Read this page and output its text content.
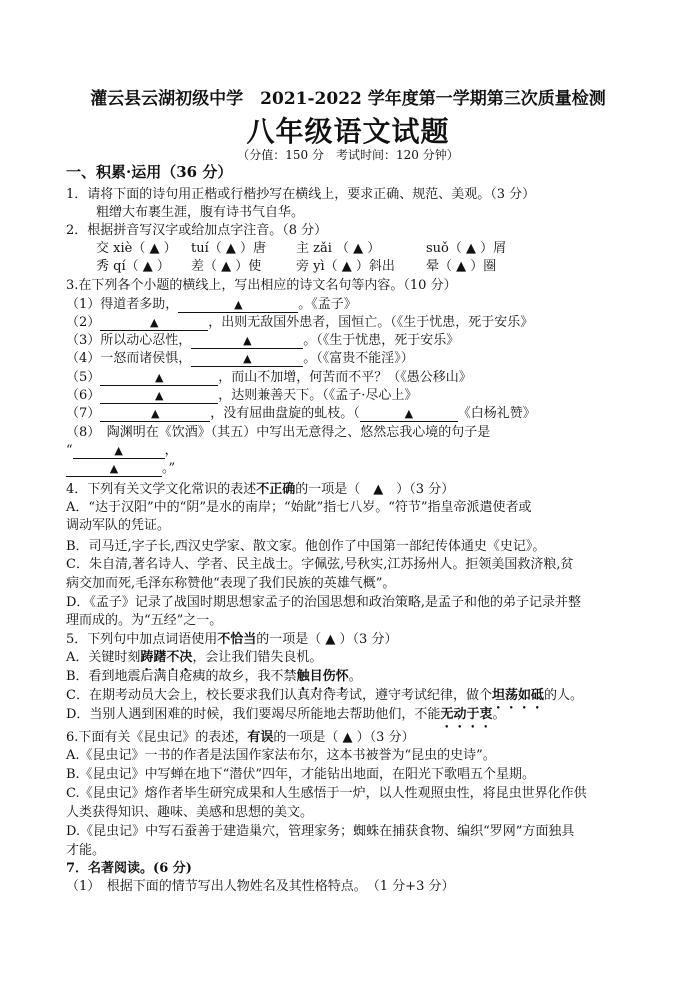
灌云县云湖初级中学　2021-2022 学年度第一学期第三次质量检测
八年级语文试题
（分值：150 分　考试时间：120 分钟）
一、积累·运用（36 分）
1．请将下面的诗句用正楷或行楷抄写在横线上，要求正确、规范、美观。（3 分）
粗缯大布裹生涯，腹有诗书气自华。
2．根据拼音写汉字或给加点字注音。（8 分）
交 xiè（ ▲ ） tuí（ ▲ ）唐 主 zǎi （ ▲ ）	suǒ（ ▲ ）屑
秀 qí（ ▲ ） 差（ ▲ ）使	旁 yì（ ▲ ）斜出 晕（ ▲ ）圈
3.在下列各个小题的横线上，写出相应的诗文名句等内容。（10 分）
（1）得道者多助，	▲	。《孟子》
（2）	▲	，出则无敌国外患者，国恒亡。（《生于忧患，死于安乐》
（3）所以动心忍性，	▲	。（《生于忧患，死于安乐》
（4）一怒而诸侯惧，	▲	。（《富贵不能淫》）
（5）	▲	，而山不加增，何苦而不平？（《愚公移山》
（6）	▲	，达则兼善天下。（《孟子·尽心上》
（7）	▲	，没有屈曲盘旋的虬枝。（	▲	《白杨礼赞》
（8）　 陶渊明在《饮酒》（其五）中写出无意得之、悠然忘我心境的句子是
“	▲	，
▲	。”
4．下列有关文学文化常识的表述不正确的一项是（　▲　）（3 分）
A．“达于汉阳”中的“阴”是水的南岸；“始龀”指七八岁。“符节”指皇帝派遣使者或
调动军队的凭证。
B．司马迁,字子长,西汉史学家、散文家。他创作了中国第一部纪传体通史《史记》。
C．朱自清,著名诗人、学者、民主战士。字佩弦,号秋实,江苏扬州人。拒领美国救济粮,贫
病交加而死,毛泽东称赞他“表现了我们民族的英雄气概”。
D．《孟子》记录了战国时期思想家孟子的治国思想和政治策略,是孟子和他的弟子记录并整
理而成的。为“五经”之一。
5．下列句中加点词语使用不恰当的一项是（ ▲ ）（3 分）
A．关键时刻踌躇不决，会让我们错失良机。
B．看到地震后满目疮痍的故乡，我不禁触目伤怀。
C．在期考动员大会上，校长要求我们认真对待考试，遵守考试纪律，做个坦荡如砥的人。
D．当别人遇到困难的时候，我们要竭尽所能地去帮助他们，不能无动于衷。
6.下面有关《昆虫记》的表述，有误的一项是（ ▲ ）（3 分）
A.《昆虫记》一书的作者是法国作家法布尔，这本书被誉为“昆虫的史诗”。
B.《昆虫记》中写蝉在地下“潜伏”四年，才能钻出地面，在阳光下歌唱五个星期。
C.《昆虫记》熔作者毕生研究成果和人生感悟于一炉，以人性观照虫性，将昆虫世界化作供
人类获得知识、趣味、美感和思想的美文。
D.《昆虫记》中写石蚕善于建造巢穴，管理家务；蜘蛛在捕获食物、编织“罗网”方面独具
才能。
7．名著阅读。(6 分)
（1）　根据下面的情节写出人物姓名及其性格特点。　（1 分+3 分）
